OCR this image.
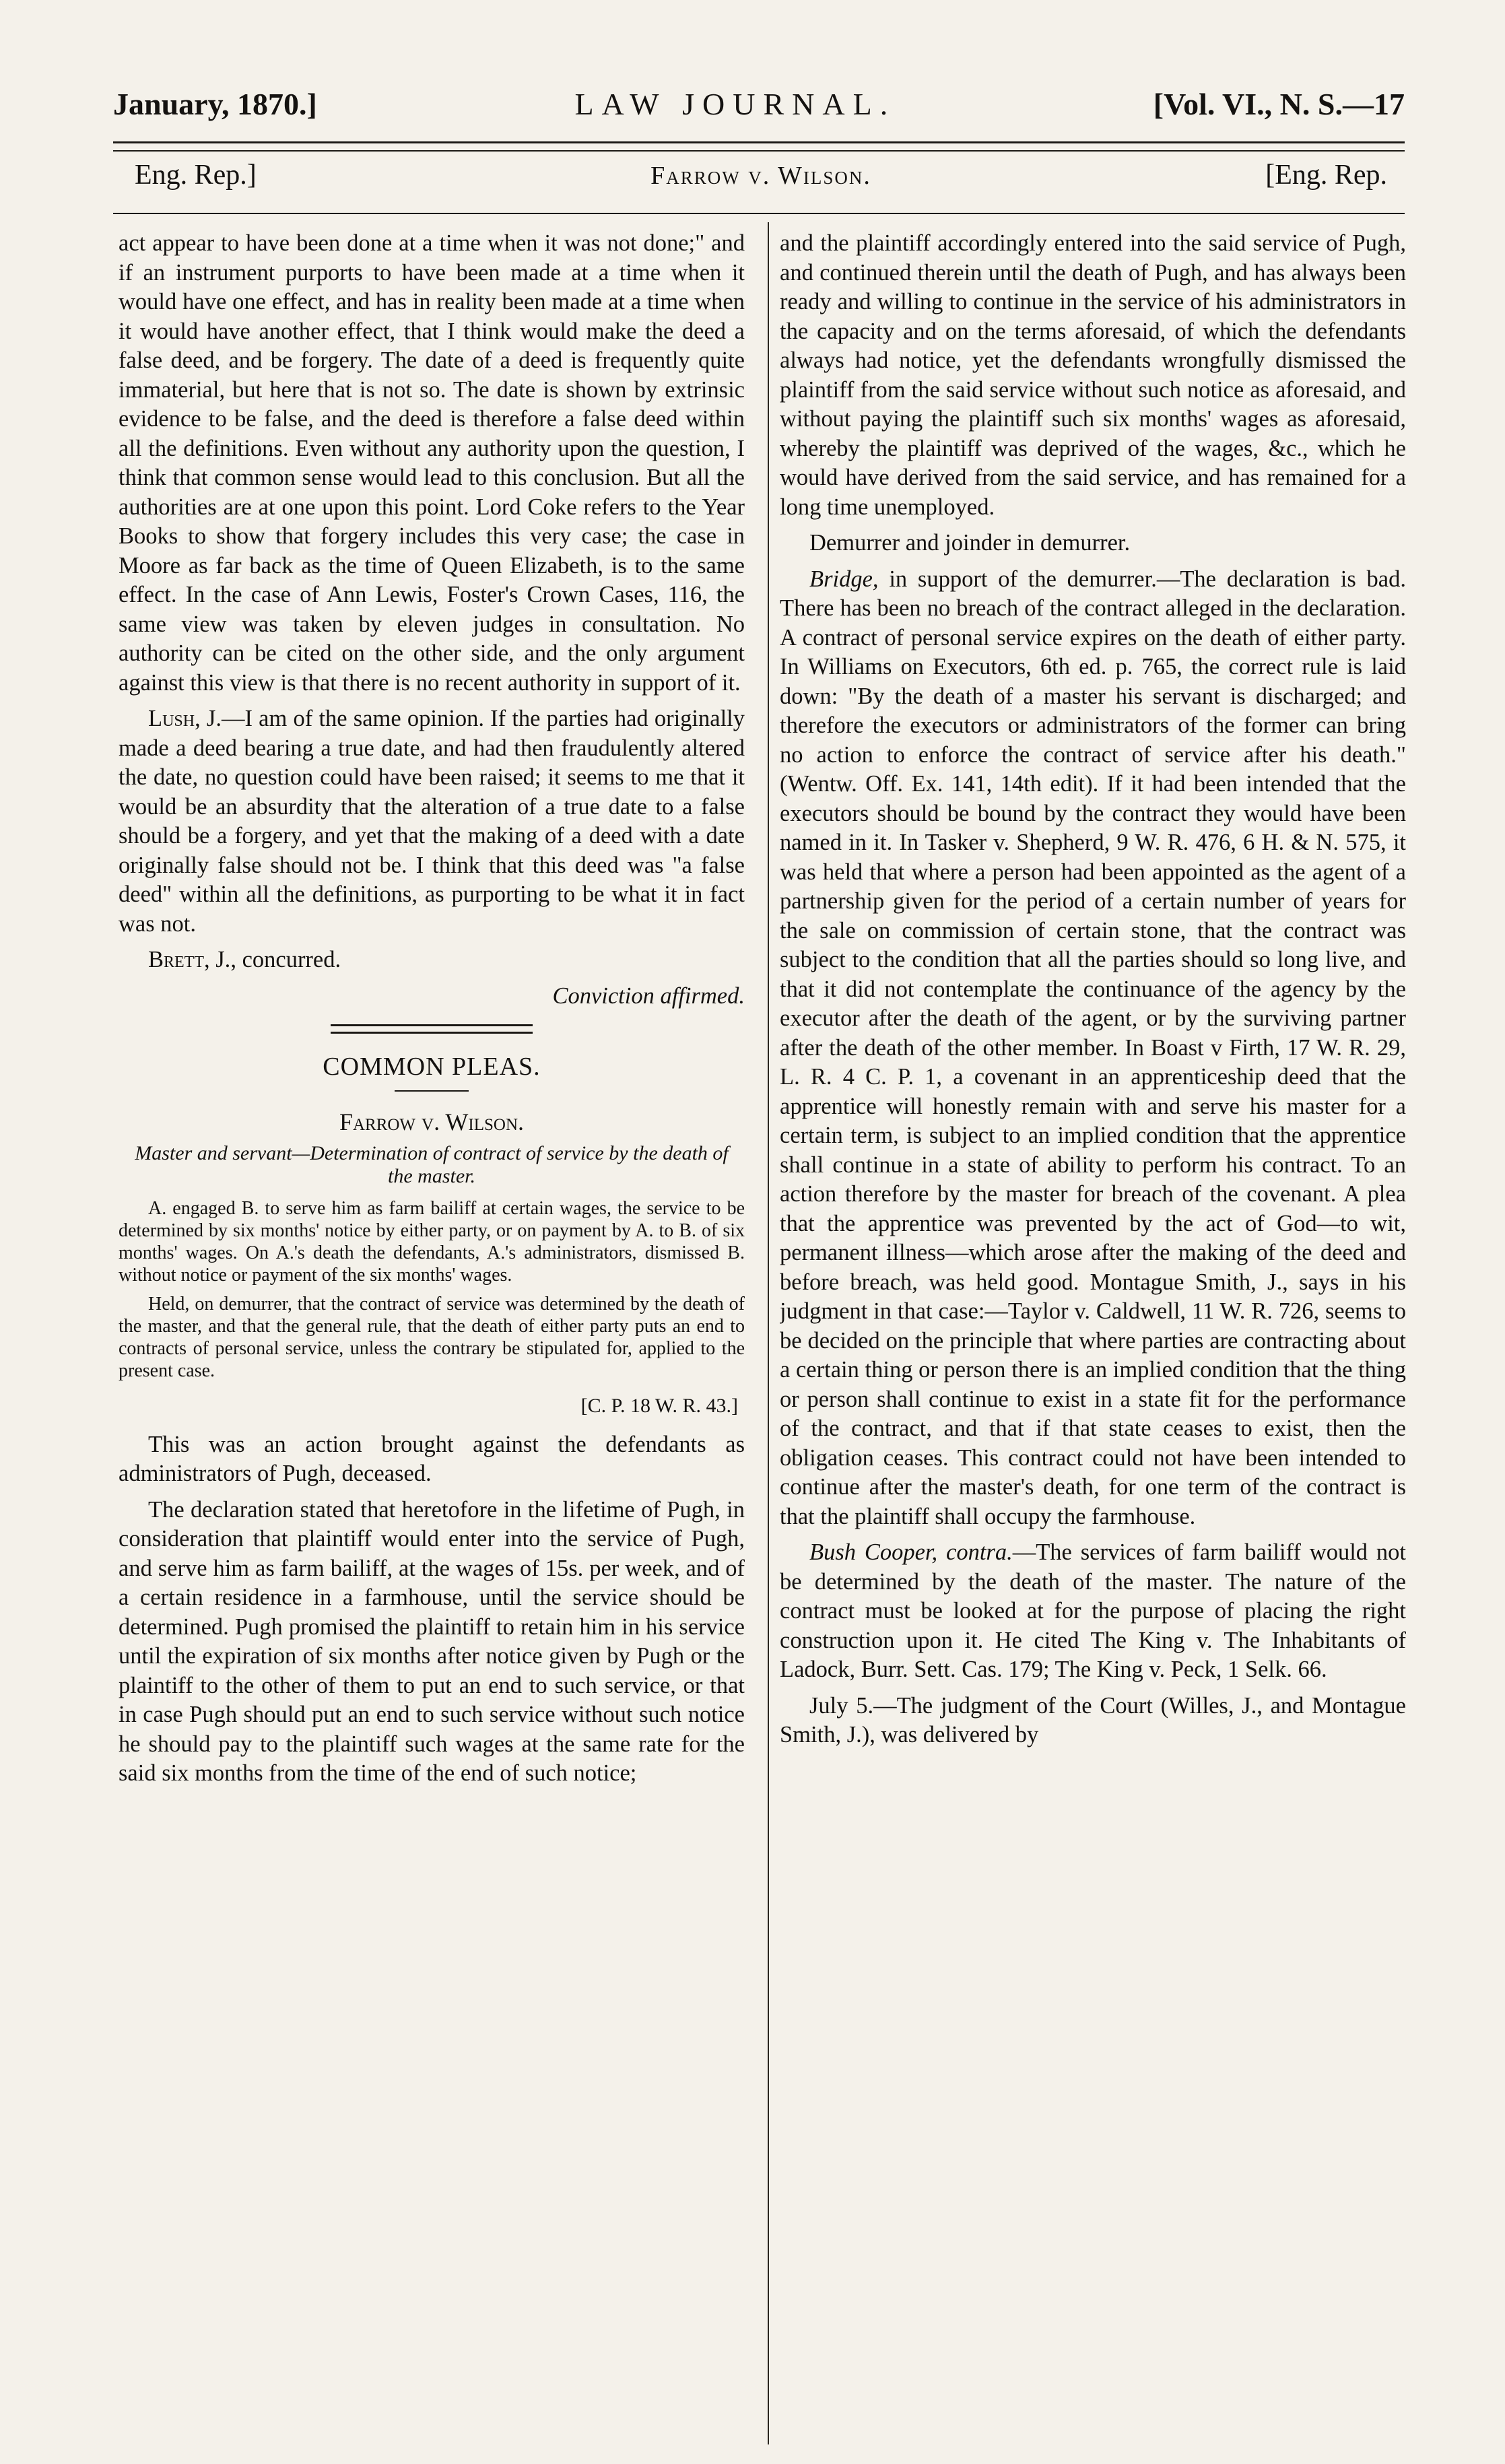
January, 1870.]	LAW JOURNAL.	[Vol. VI., N. S.—17
Eng. Rep.]	Farrow v. Wilson.	[Eng. Rep.

act appear to have been done at a time when it was not done;" and if an instrument purports to have been made at a time when it would have one effect, and has in reality been made at a time when it would have another effect, that I think would make the deed a false deed, and be forgery. The date of a deed is frequently quite immaterial, but here that is not so. The date is shown by extrinsic evidence to be false, and the deed is therefore a false deed within all the definitions. Even without any authority upon the question, I think that common sense would lead to this conclusion. But all the authorities are at one upon this point. Lord Coke refers to the Year Books to show that forgery includes this very case; the case in Moore as far back as the time of Queen Elizabeth, is to the same effect. In the case of Ann Lewis, Foster's Crown Cases, 116, the same view was taken by eleven judges in consultation. No authority can be cited on the other side, and the only argument against this view is that there is no recent authority in support of it.

Lush, J.—I am of the same opinion. If the parties had originally made a deed bearing a true date, and had then fraudulently altered the date, no question could have been raised; it seems to me that it would be an absurdity that the alteration of a true date to a false should be a forgery, and yet that the making of a deed with a date originally false should not be. I think that this deed was "a false deed" within all the definitions, as purporting to be what it in fact was not.

Brett, J., concurred.

Conviction affirmed.

COMMON PLEAS.
Farrow v. Wilson.
Master and servant—Determination of contract of service by the death of the master.

A. engaged B. to serve him as farm bailiff at certain wages, the service to be determined by six months' notice by either party, or on payment by A. to B. of six months' wages. On A.'s death the defendants, A.'s administrators, dismissed B. without notice or payment of the six months' wages.

Held, on demurrer, that the contract of service was determined by the death of the master, and that the general rule, that the death of either party puts an end to contracts of personal service, unless the contrary be stipulated for, applied to the present case.

[C. P. 18 W. R. 43.]

This was an action brought against the defendants as administrators of Pugh, deceased.

The declaration stated that heretofore in the lifetime of Pugh, in consideration that plaintiff would enter into the service of Pugh, and serve him as farm bailiff, at the wages of 15s. per week, and of a certain residence in a farmhouse, until the service should be determined. Pugh promised the plaintiff to retain him in his service until the expiration of six months after notice given by Pugh or the plaintiff to the other of them to put an end to such service, or that in case Pugh should put an end to such service without such notice he should pay to the plaintiff such wages at the same rate for the said six months from the time of the end of such notice;

and the plaintiff accordingly entered into the said service of Pugh, and continued therein until the death of Pugh, and has always been ready and willing to continue in the service of his administrators in the capacity and on the terms aforesaid, of which the defendants always had notice, yet the defendants wrongfully dismissed the plaintiff from the said service without such notice as aforesaid, and without paying the plaintiff such six months' wages as aforesaid, whereby the plaintiff was deprived of the wages, &c., which he would have derived from the said service, and has remained for a long time unemployed.

Demurrer and joinder in demurrer.

Bridge, in support of the demurrer.—The declaration is bad. There has been no breach of the contract alleged in the declaration. A contract of personal service expires on the death of either party. In Williams on Executors, 6th ed. p. 765, the correct rule is laid down: "By the death of a master his servant is discharged; and therefore the executors or administrators of the former can bring no action to enforce the contract of service after his death." (Wentw. Off. Ex. 141, 14th edit). If it had been intended that the executors should be bound by the contract they would have been named in it. In Tasker v. Shepherd, 9 W. R. 476, 6 H. & N. 575, it was held that where a person had been appointed as the agent of a partnership given for the period of a certain number of years for the sale on commission of certain stone, that the contract was subject to the condition that all the parties should so long live, and that it did not contemplate the continuance of the agency by the executor after the death of the agent, or by the surviving partner after the death of the other member. In Boast v Firth, 17 W. R. 29, L. R. 4 C. P. 1, a covenant in an apprenticeship deed that the apprentice will honestly remain with and serve his master for a certain term, is subject to an implied condition that the apprentice shall continue in a state of ability to perform his contract. To an action therefore by the master for breach of the covenant. A plea that the apprentice was prevented by the act of God—to wit, permanent illness—which arose after the making of the deed and before breach, was held good. Montague Smith, J., says in his judgment in that case:—Taylor v. Caldwell, 11 W. R. 726, seems to be decided on the principle that where parties are contracting about a certain thing or person there is an implied condition that the thing or person shall continue to exist in a state fit for the performance of the contract, and that if that state ceases to exist, then the obligation ceases. This contract could not have been intended to continue after the master's death, for one term of the contract is that the plaintiff shall occupy the farmhouse.

Bush Cooper, contra.—The services of farm bailiff would not be determined by the death of the master. The nature of the contract must be looked at for the purpose of placing the right construction upon it. He cited The King v. The Inhabitants of Ladock, Burr. Sett. Cas. 179; The King v. Peck, 1 Selk. 66.

July 5.—The judgment of the Court (Willes, J., and Montague Smith, J.), was delivered by
